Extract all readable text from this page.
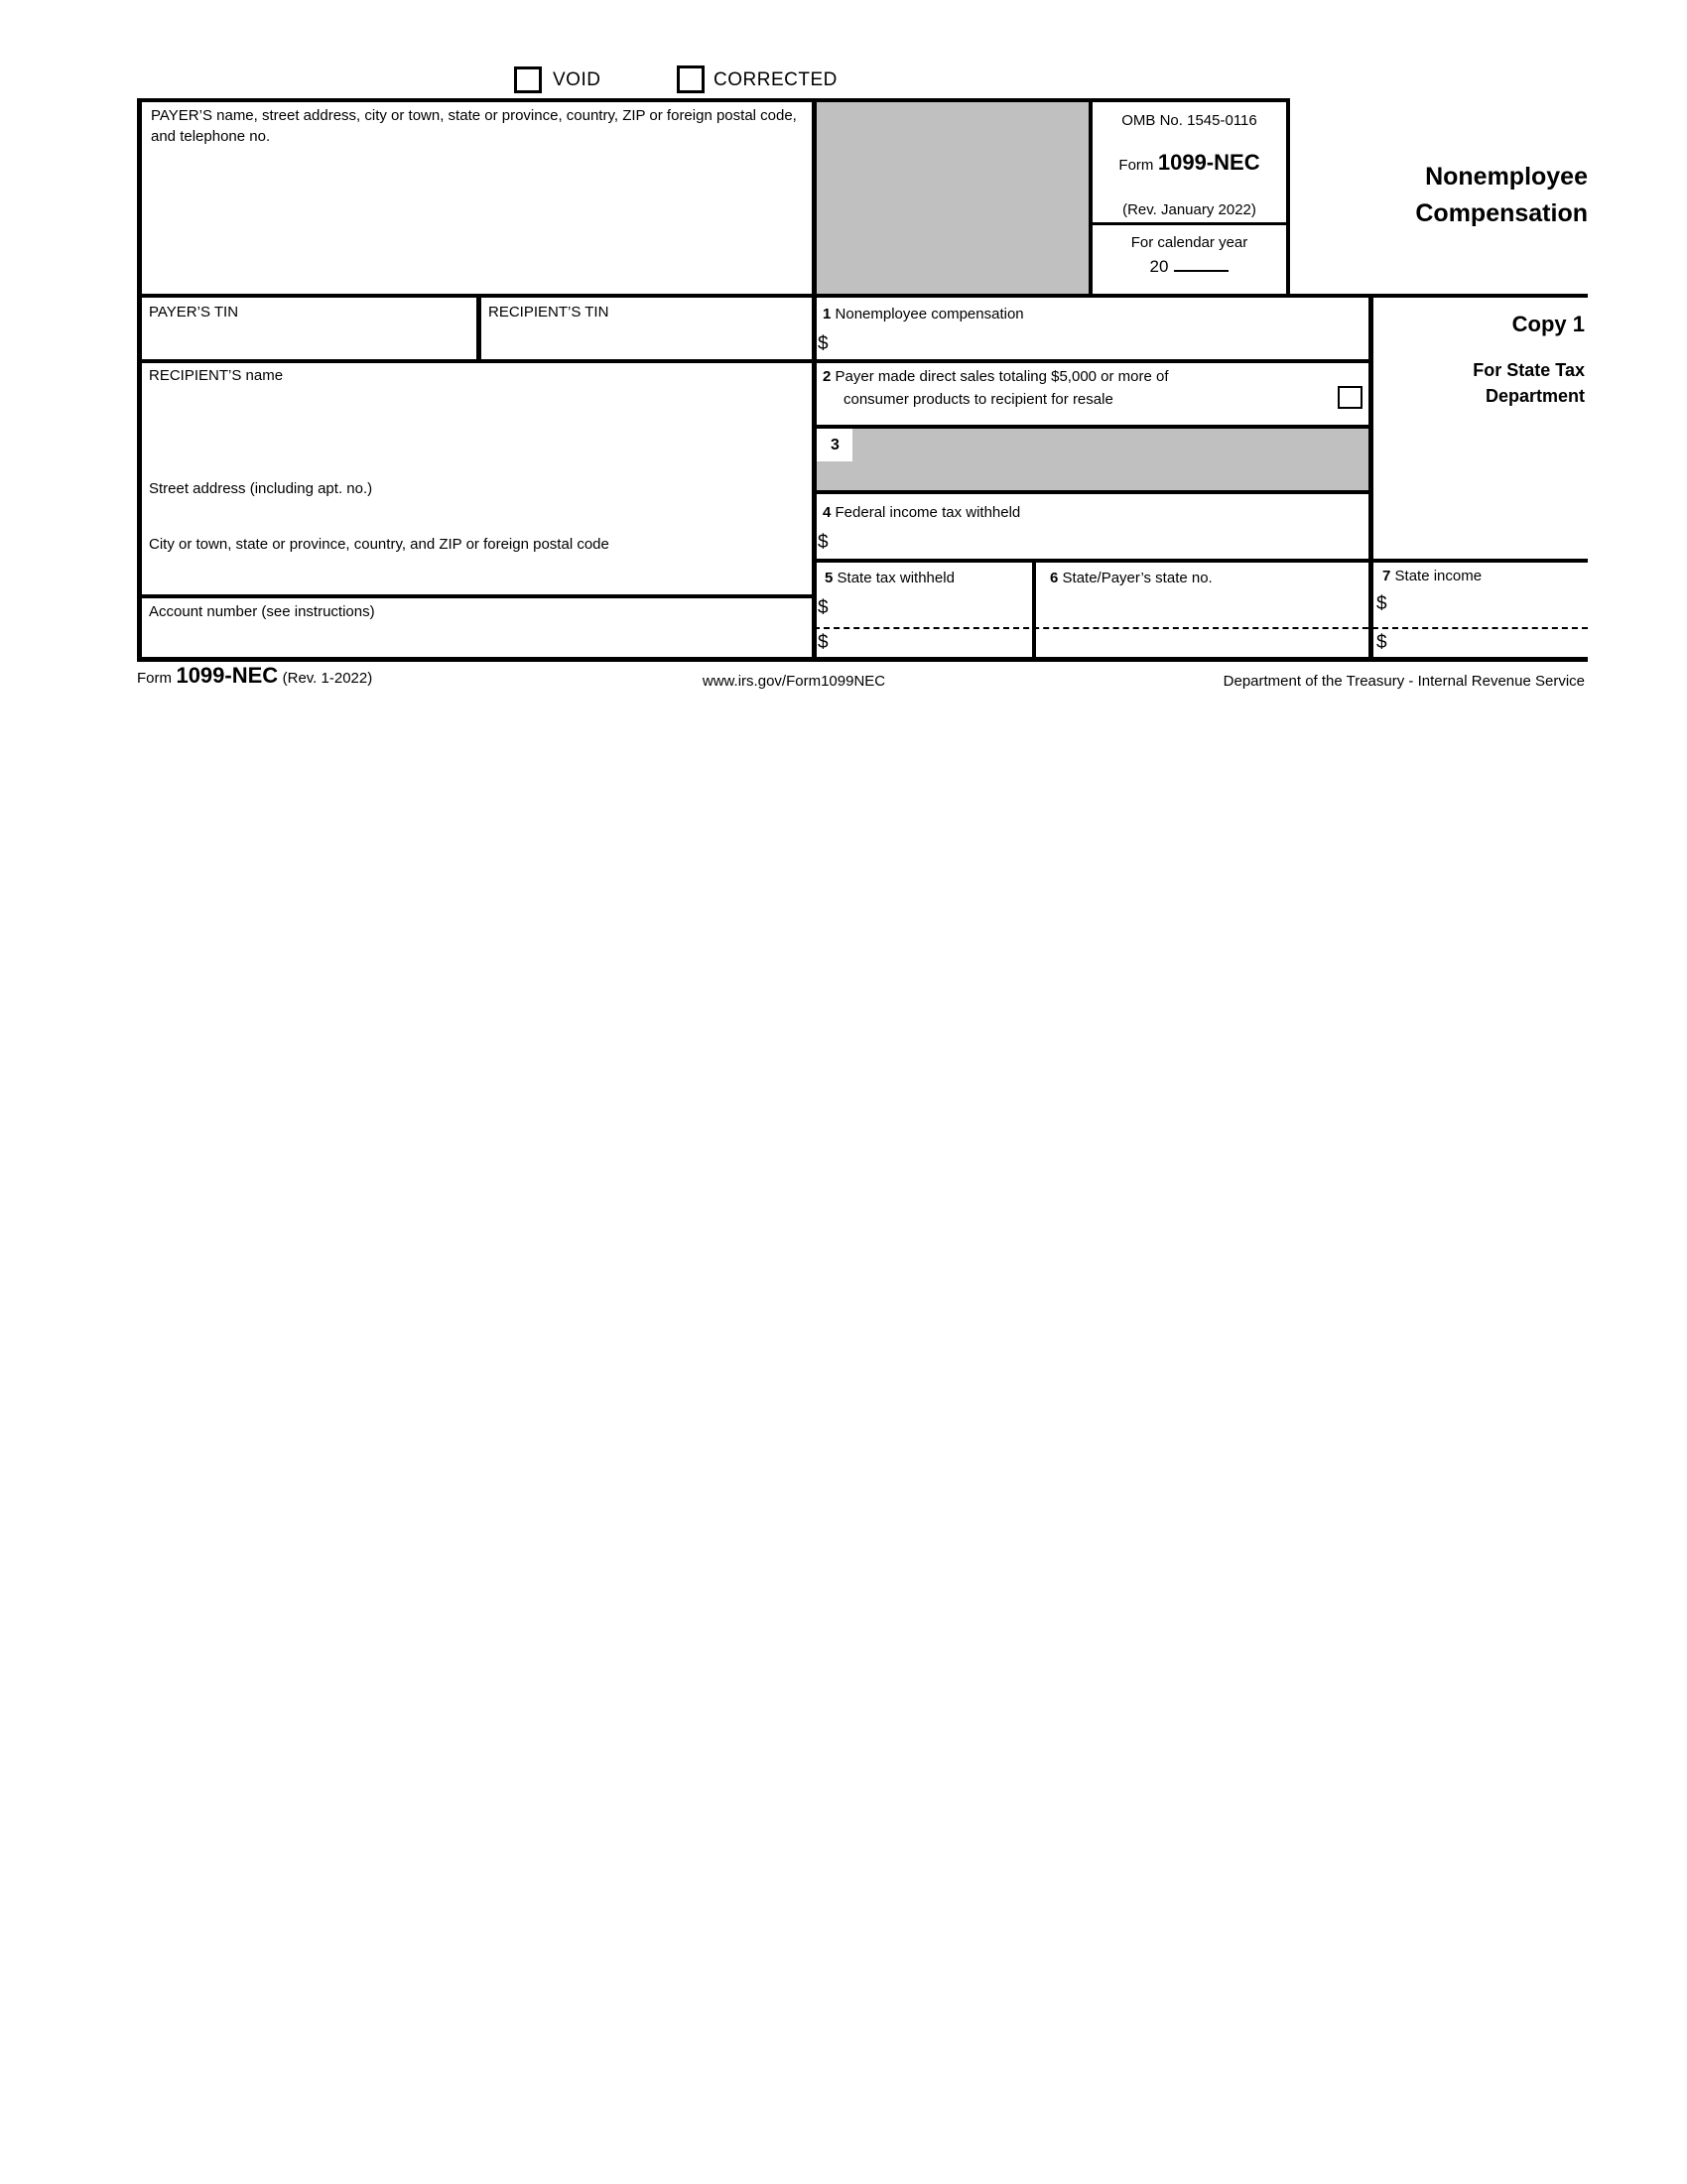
VOID	CORRECTED
PAYER’S name, street address, city or town, state or province, country, ZIP or foreign postal code, and telephone no.
OMB No. 1545-0116
Form 1099-NEC
(Rev. January 2022)
For calendar year
20
Nonemployee
Compensation
Copy 1
For State Tax
Department
PAYER’S TIN	RECIPIENT’S TIN	1 Nonemployee compensation
$
2 Payer made direct sales totaling $5,000 or more of
consumer products to recipient for resale
3
RECIPIENT’S name
Street address (including apt. no.)
City or town, state or province, country, and ZIP or foreign postal code
4 Federal income tax withheld
$
5 State tax withheld
$
$
6 State/Payer’s state no.	7 State income
$
$
Account number (see instructions)
Form 1099-NEC (Rev. 1-2022)	www.irs.gov/Form1099NEC	Department of the Treasury - Internal Revenue Service
